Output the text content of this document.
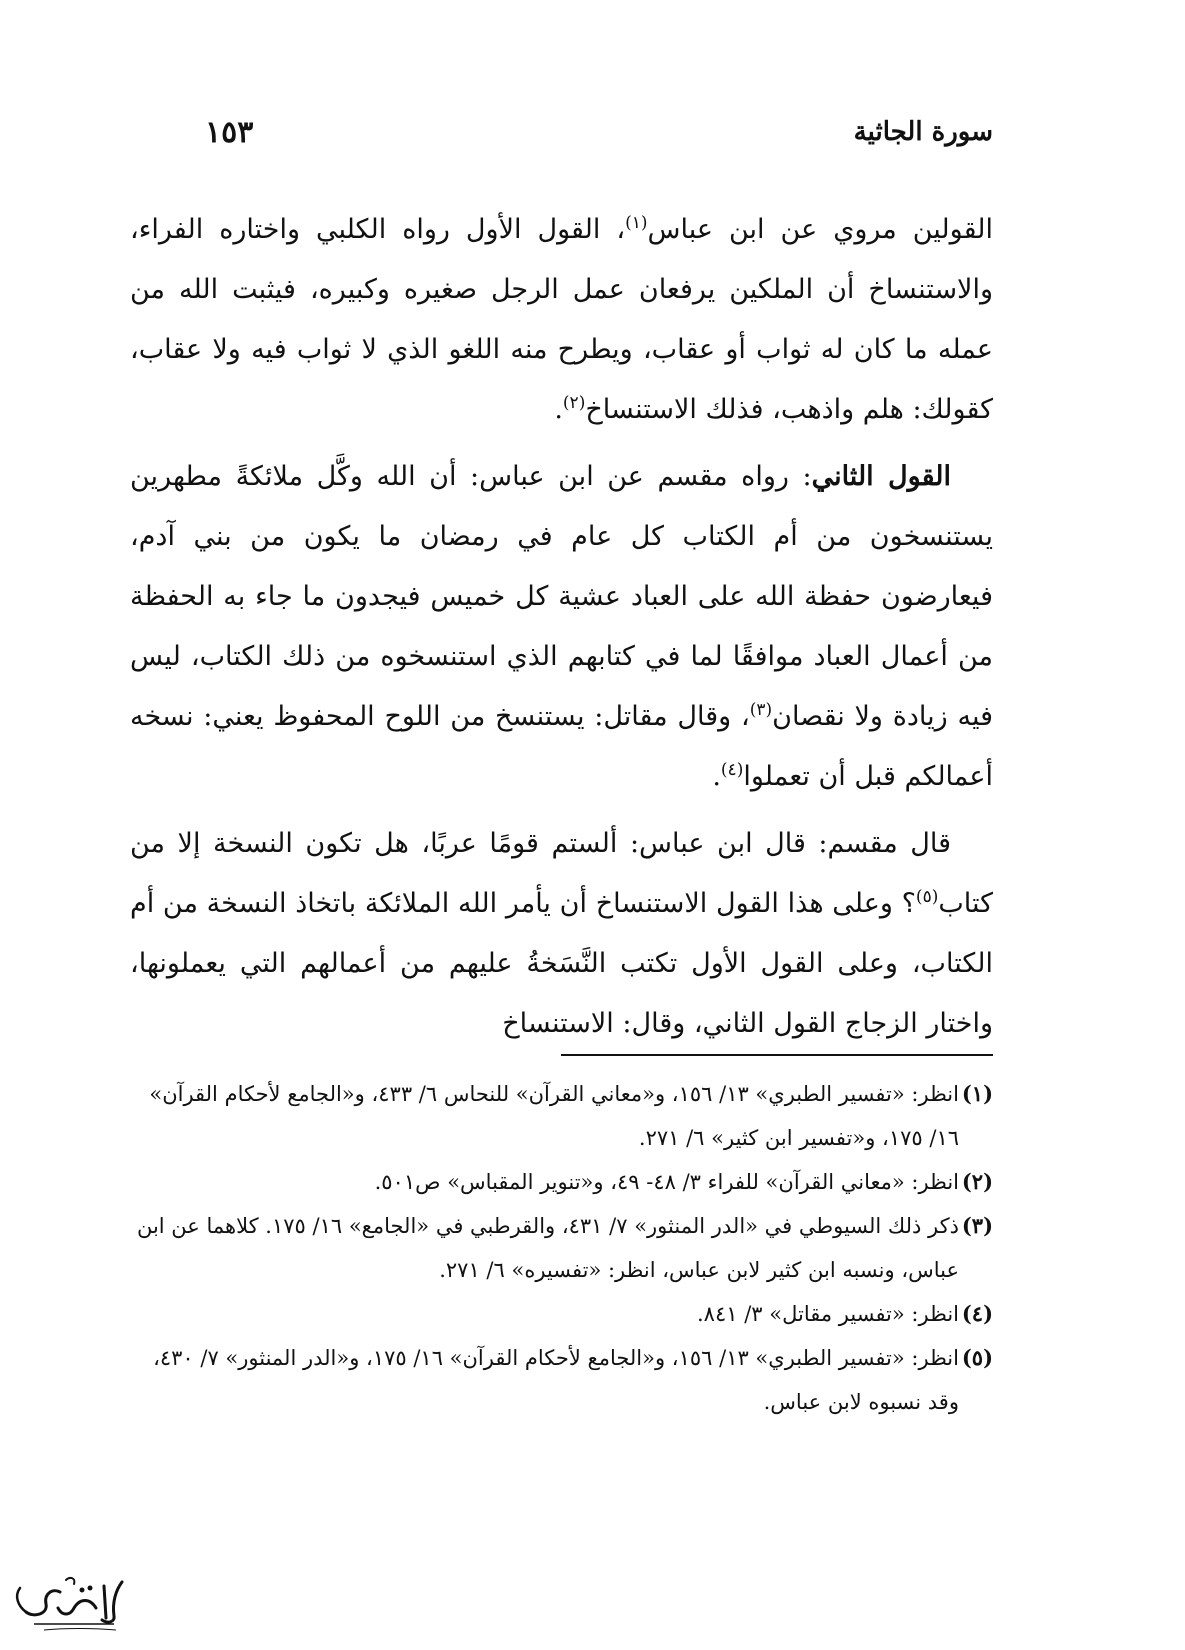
سورة الجاثية
١٥٣

القولين مروي عن ابن عباس$^{(١)}$، القول الأول رواه الكلبي واختاره الفراء، والاستنساخ أن الملكين يرفعان عمل الرجل صغيره وكبيره، فيثبت الله من عمله ما كان له ثواب أو عقاب، ويطرح منه اللغو الذي لا ثواب فيه ولا عقاب، كقولك: هلم واذهب، فذلك الاستنساخ$^{(٢)}$.

القول الثاني: رواه مقسم عن ابن عباس: أن الله وكَّل ملائكةً مطهرين يستنسخون من أم الكتاب كل عام في رمضان ما يكون من بني آدم، فيعارضون حفظة الله على العباد عشية كل خميس فيجدون ما جاء به الحفظة من أعمال العباد موافقًا لما في كتابهم الذي استنسخوه من ذلك الكتاب، ليس فيه زيادة ولا نقصان$^{(٣)}$، وقال مقاتل: يستنسخ من اللوح المحفوظ يعني: نسخه أعمالكم قبل أن تعملوا$^{(٤)}$.

قال مقسم: قال ابن عباس: ألستم قومًا عربًا، هل تكون النسخة إلا من كتاب$^{(٥)}$؟ وعلى هذا القول الاستنساخ أن يأمر الله الملائكة باتخاذ النسخة من أم الكتاب، وعلى القول الأول تكتب النَّسَخةُ عليهم من أعمالهم التي يعملونها، واختار الزجاج القول الثاني، وقال: الاستنساخ

(١)
انظر: «تفسير الطبري» ١٣/ ١٥٦، و«معاني القرآن» للنحاس ٦/ ٤٣٣، و«الجامع لأحكام القرآن» ١٦/ ١٧٥، و«تفسير ابن كثير» ٦/ ٢٧١.
(٢)
انظر: «معاني القرآن» للفراء ٣/ ٤٨- ٤٩، و«تنوير المقباس» ص٥٠١.
(٣)
ذكر ذلك السيوطي في «الدر المنثور» ٧/ ٤٣١، والقرطبي في «الجامع» ١٦/ ١٧٥. كلاهما عن ابن عباس، ونسبه ابن كثير لابن عباس، انظر: «تفسيره» ٦/ ٢٧١.
(٤)
انظر: «تفسير مقاتل» ٣/ ٨٤١.
(٥)
انظر: «تفسير الطبري» ١٣/ ١٥٦، و«الجامع لأحكام القرآن» ١٦/ ١٧٥، و«الدر المنثور» ٧/ ٤٣٠، وقد نسبوه لابن عباس.
